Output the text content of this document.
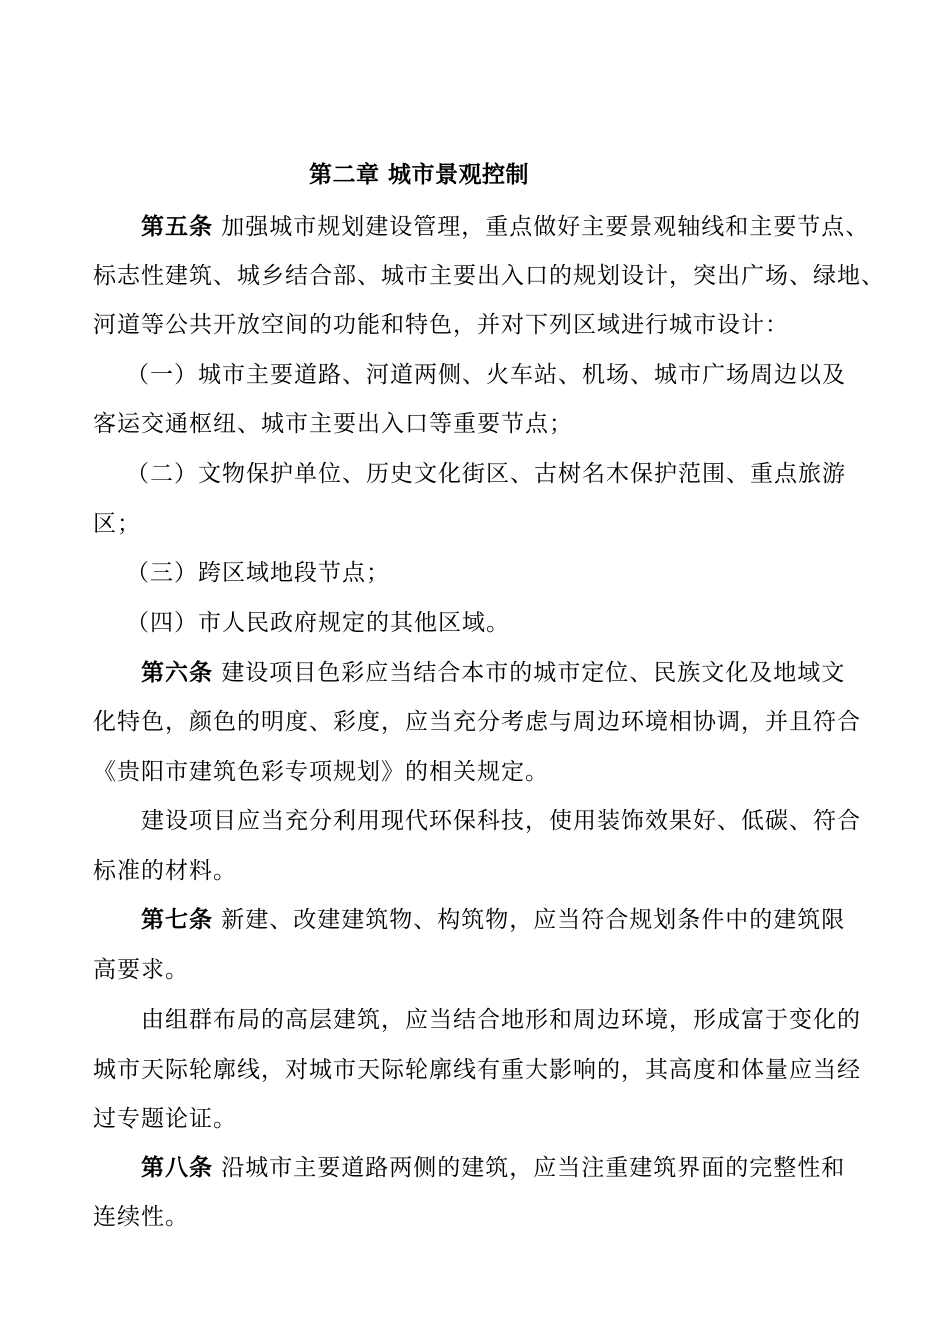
第二章 城市景观控制
第五条 加强城市规划建设管理，重点做好主要景观轴线和主要节点、
标志性建筑、城乡结合部、城市主要出入口的规划设计，突出广场、绿地、
河道等公共开放空间的功能和特色，并对下列区域进行城市设计：
（一）城市主要道路、河道两侧、火车站、机场、城市广场周边以及
客运交通枢纽、城市主要出入口等重要节点；
（二）文物保护单位、历史文化街区、古树名木保护范围、重点旅游
区；
（三）跨区域地段节点；
（四）市人民政府规定的其他区域。
第六条 建设项目色彩应当结合本市的城市定位、民族文化及地域文
化特色，颜色的明度、彩度，应当充分考虑与周边环境相协调，并且符合
《贵阳市建筑色彩专项规划》的相关规定。
建设项目应当充分利用现代环保科技，使用装饰效果好、低碳、符合
标准的材料。
第七条 新建、改建建筑物、构筑物，应当符合规划条件中的建筑限
高要求。
由组群布局的高层建筑，应当结合地形和周边环境，形成富于变化的
城市天际轮廓线，对城市天际轮廓线有重大影响的，其高度和体量应当经
过专题论证。
第八条 沿城市主要道路两侧的建筑，应当注重建筑界面的完整性和
连续性。
